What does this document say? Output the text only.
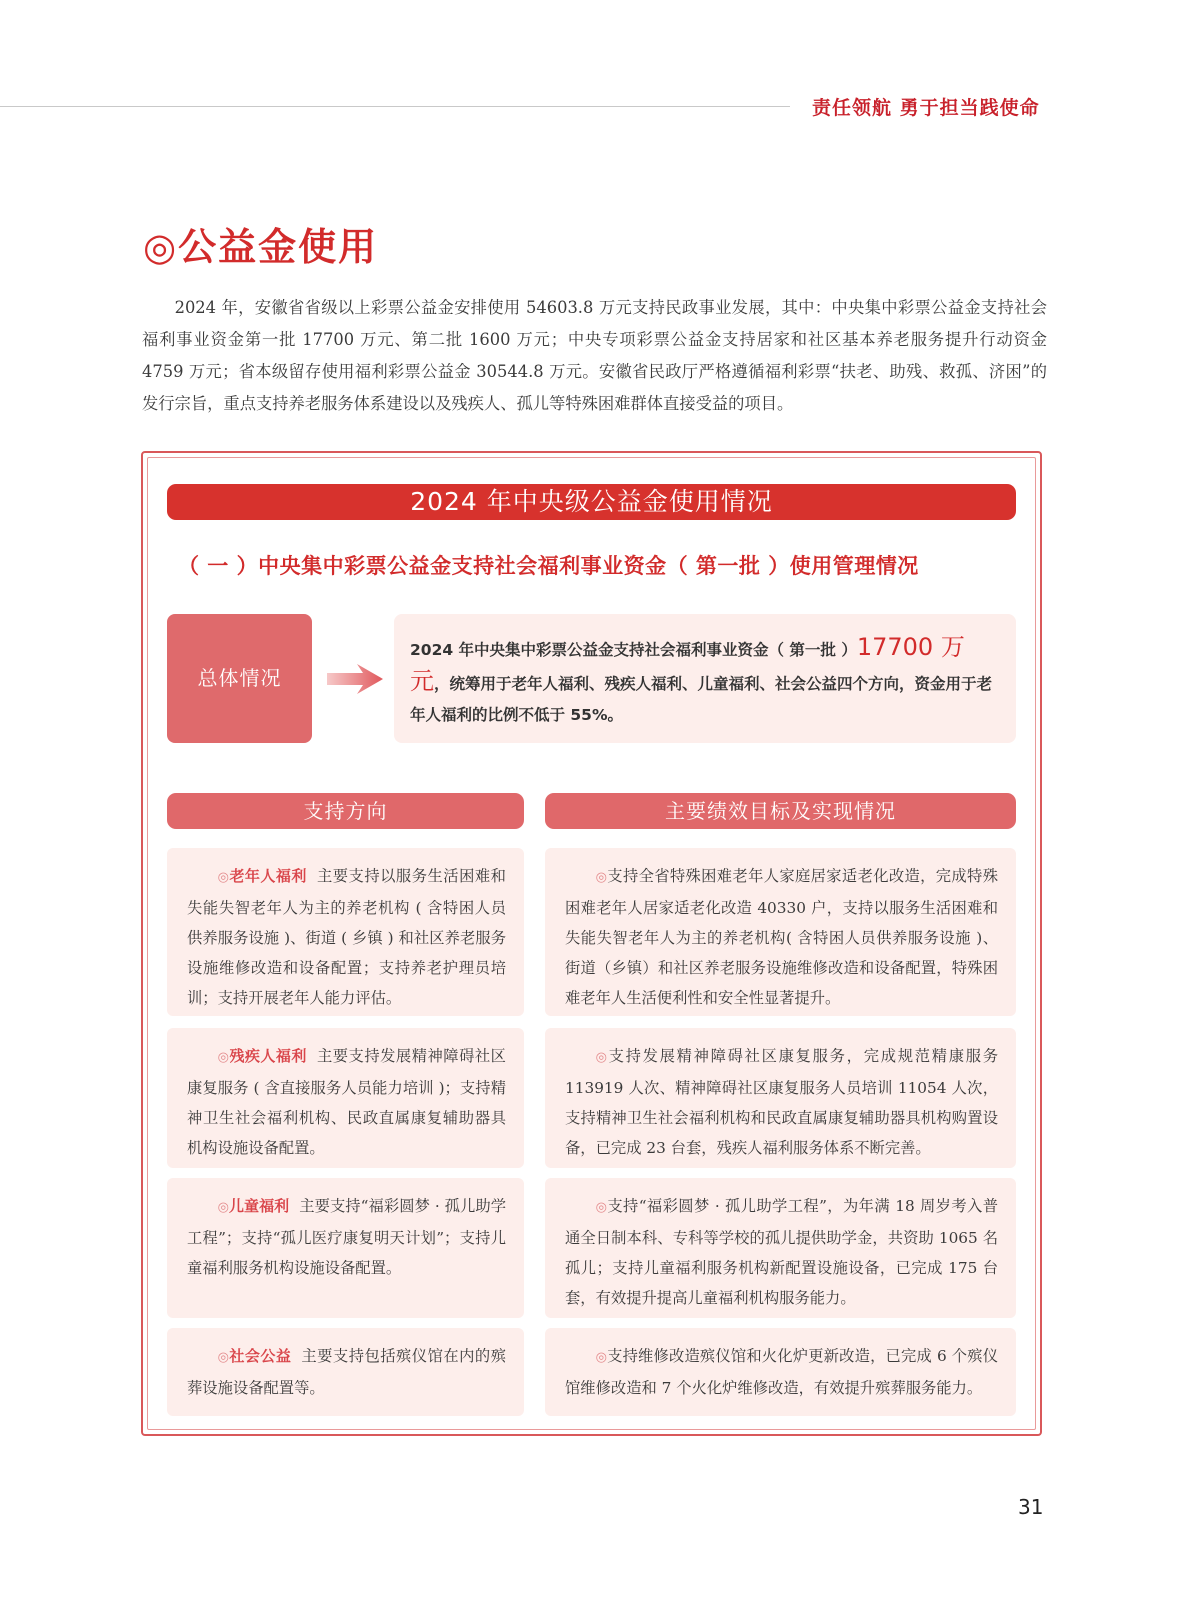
责任领航 勇于担当践使命
◎公益金使用

2024 年，安徽省省级以上彩票公益金安排使用 54603.8 万元支持民政事业发展，其中：中央集中彩票公益金支持社会福利事业资金第一批 17700 万元、第二批 1600 万元；中央专项彩票公益金支持居家和社区基本养老服务提升行动资金 4759 万元；省本级留存使用福利彩票公益金 30544.8 万元。安徽省民政厅严格遵循福利彩票“扶老、助残、救孤、济困”的发行宗旨，重点支持养老服务体系建设以及残疾人、孤儿等特殊困难群体直接受益的项目。

2024 年中央级公益金使用情况
（ 一 ）中央集中彩票公益金支持社会福利事业资金（ 第一批 ）使用管理情况
总体情况
2024 年中央集中彩票公益金支持社会福利事业资金（ 第一批 ）17700 万元，统筹用于老年人福利、残疾人福利、儿童福利、社会公益四个方向，资金用于老年人福利的比例不低于 55%。
支持方向	主要绩效目标及实现情况
◎老年人福利 主要支持以服务生活困难和失能失智老年人为主的养老机构 ( 含特困人员供养服务设施 )、街道 ( 乡镇 ) 和社区养老服务设施维修改造和设备配置；支持养老护理员培训；支持开展老年人能力评估。
◎支持全省特殊困难老年人家庭居家适老化改造，完成特殊困难老年人居家适老化改造 40330 户，支持以服务生活困难和失能失智老年人为主的养老机构( 含特困人员供养服务设施 )、街道（乡镇）和社区养老服务设施维修改造和设备配置，特殊困难老年人生活便利性和安全性显著提升。
◎残疾人福利 主要支持发展精神障碍社区康复服务 ( 含直接服务人员能力培训 )；支持精神卫生社会福利机构、民政直属康复辅助器具机构设施设备配置。
◎支持发展精神障碍社区康复服务，完成规范精康服务 113919 人次、精神障碍社区康复服务人员培训 11054 人次，支持精神卫生社会福利机构和民政直属康复辅助器具机构购置设备，已完成 23 台套，残疾人福利服务体系不断完善。
◎儿童福利 主要支持“福彩圆梦 · 孤儿助学工程”；支持“孤儿医疗康复明天计划”；支持儿童福利服务机构设施设备配置。
◎支持“福彩圆梦 · 孤儿助学工程”，为年满 18 周岁考入普通全日制本科、专科等学校的孤儿提供助学金，共资助 1065 名孤儿；支持儿童福利服务机构新配置设施设备，已完成 175 台套，有效提升提高儿童福利机构服务能力。
◎社会公益 主要支持包括殡仪馆在内的殡葬设施设备配置等。
◎支持维修改造殡仪馆和火化炉更新改造，已完成 6 个殡仪馆维修改造和 7 个火化炉维修改造，有效提升殡葬服务能力。
31
